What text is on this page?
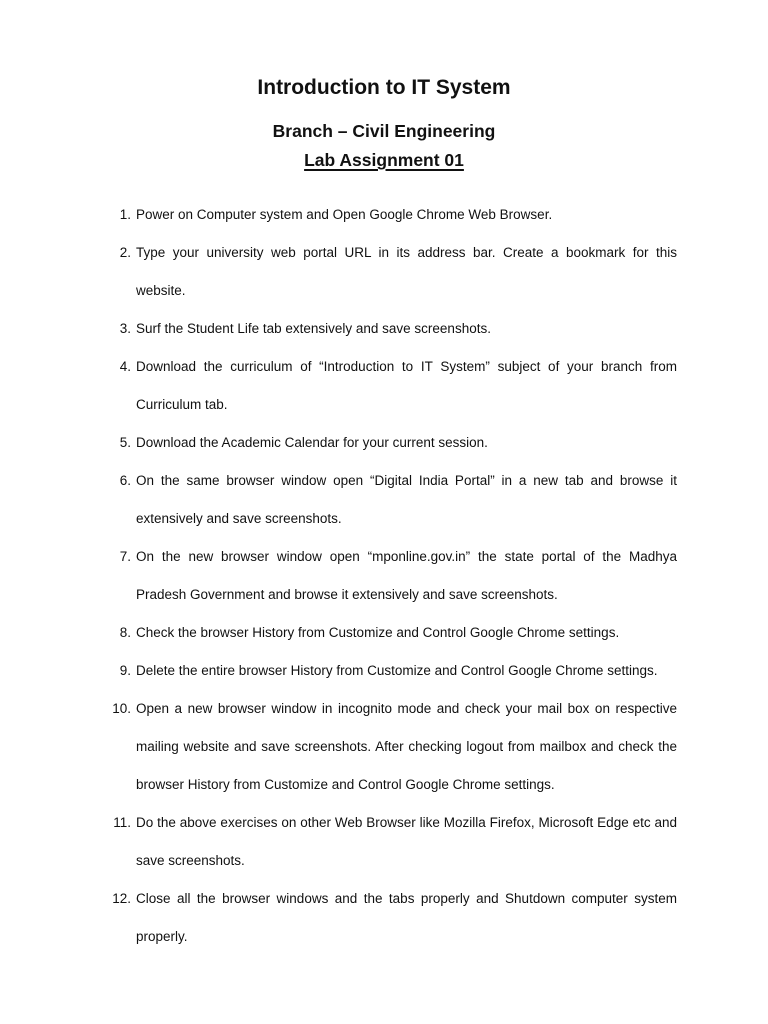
Introduction to IT System
Branch – Civil Engineering
Lab Assignment 01
1. Power on Computer system and Open Google Chrome Web Browser.
2. Type your university web portal URL in its address bar. Create a bookmark for this website.
3. Surf the Student Life tab extensively and save screenshots.
4. Download the curriculum of “Introduction to IT System” subject of your branch from Curriculum tab.
5. Download the Academic Calendar for your current session.
6. On the same browser window open “Digital India Portal” in a new tab and browse it extensively and save screenshots.
7. On the new browser window open “mponline.gov.in” the state portal of the Madhya Pradesh Government and browse it extensively and save screenshots.
8. Check the browser History from Customize and Control Google Chrome settings.
9. Delete the entire browser History from Customize and Control Google Chrome settings.
10. Open a new browser window in incognito mode and check your mail box on respective mailing website and save screenshots. After checking logout from mailbox and check the browser History from Customize and Control Google Chrome settings.
11. Do the above exercises on other Web Browser like Mozilla Firefox, Microsoft Edge etc and save screenshots.
12. Close all the browser windows and the tabs properly and Shutdown computer system properly.
